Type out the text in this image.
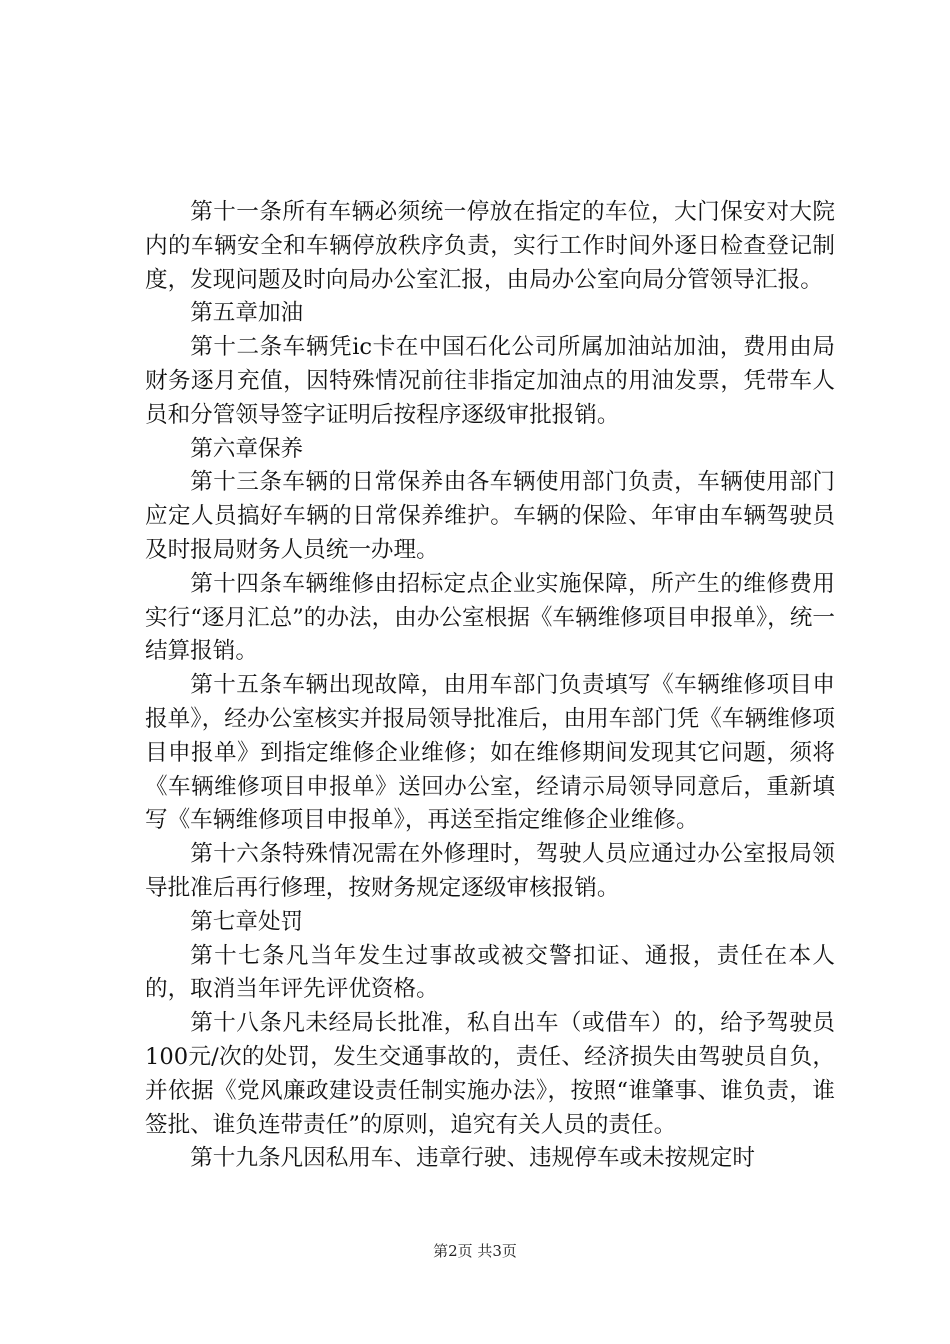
第十一条所有车辆必须统一停放在指定的车位，大门保安对大院内的车辆安全和车辆停放秩序负责，实行工作时间外逐日检查登记制度，发现问题及时向局办公室汇报，由局办公室向局分管领导汇报。

第五章加油

第十二条车辆凭ic卡在中国石化公司所属加油站加油，费用由局财务逐月充值，因特殊情况前往非指定加油点的用油发票，凭带车人员和分管领导签字证明后按程序逐级审批报销。

第六章保养

第十三条车辆的日常保养由各车辆使用部门负责，车辆使用部门应定人员搞好车辆的日常保养维护。车辆的保险、年审由车辆驾驶员及时报局财务人员统一办理。

第十四条车辆维修由招标定点企业实施保障，所产生的维修费用实行“逐月汇总”的办法，由办公室根据《车辆维修项目申报单》，统一结算报销。

第十五条车辆出现故障，由用车部门负责填写《车辆维修项目申报单》，经办公室核实并报局领导批准后，由用车部门凭《车辆维修项目申报单》到指定维修企业维修；如在维修期间发现其它问题，须将《车辆维修项目申报单》送回办公室，经请示局领导同意后，重新填写《车辆维修项目申报单》，再送至指定维修企业维修。

第十六条特殊情况需在外修理时，驾驶人员应通过办公室报局领导批准后再行修理，按财务规定逐级审核报销。

第七章处罚

第十七条凡当年发生过事故或被交警扣证、通报，责任在本人的，取消当年评先评优资格。

第十八条凡未经局长批准，私自出车（或借车）的，给予驾驶员100元/次的处罚，发生交通事故的，责任、经济损失由驾驶员自负，并依据《党风廉政建设责任制实施办法》，按照“谁肇事、谁负责，谁签批、谁负连带责任”的原则，追究有关人员的责任。

第十九条凡因私用车、违章行驶、违规停车或未按规定时

第2页 共3页
